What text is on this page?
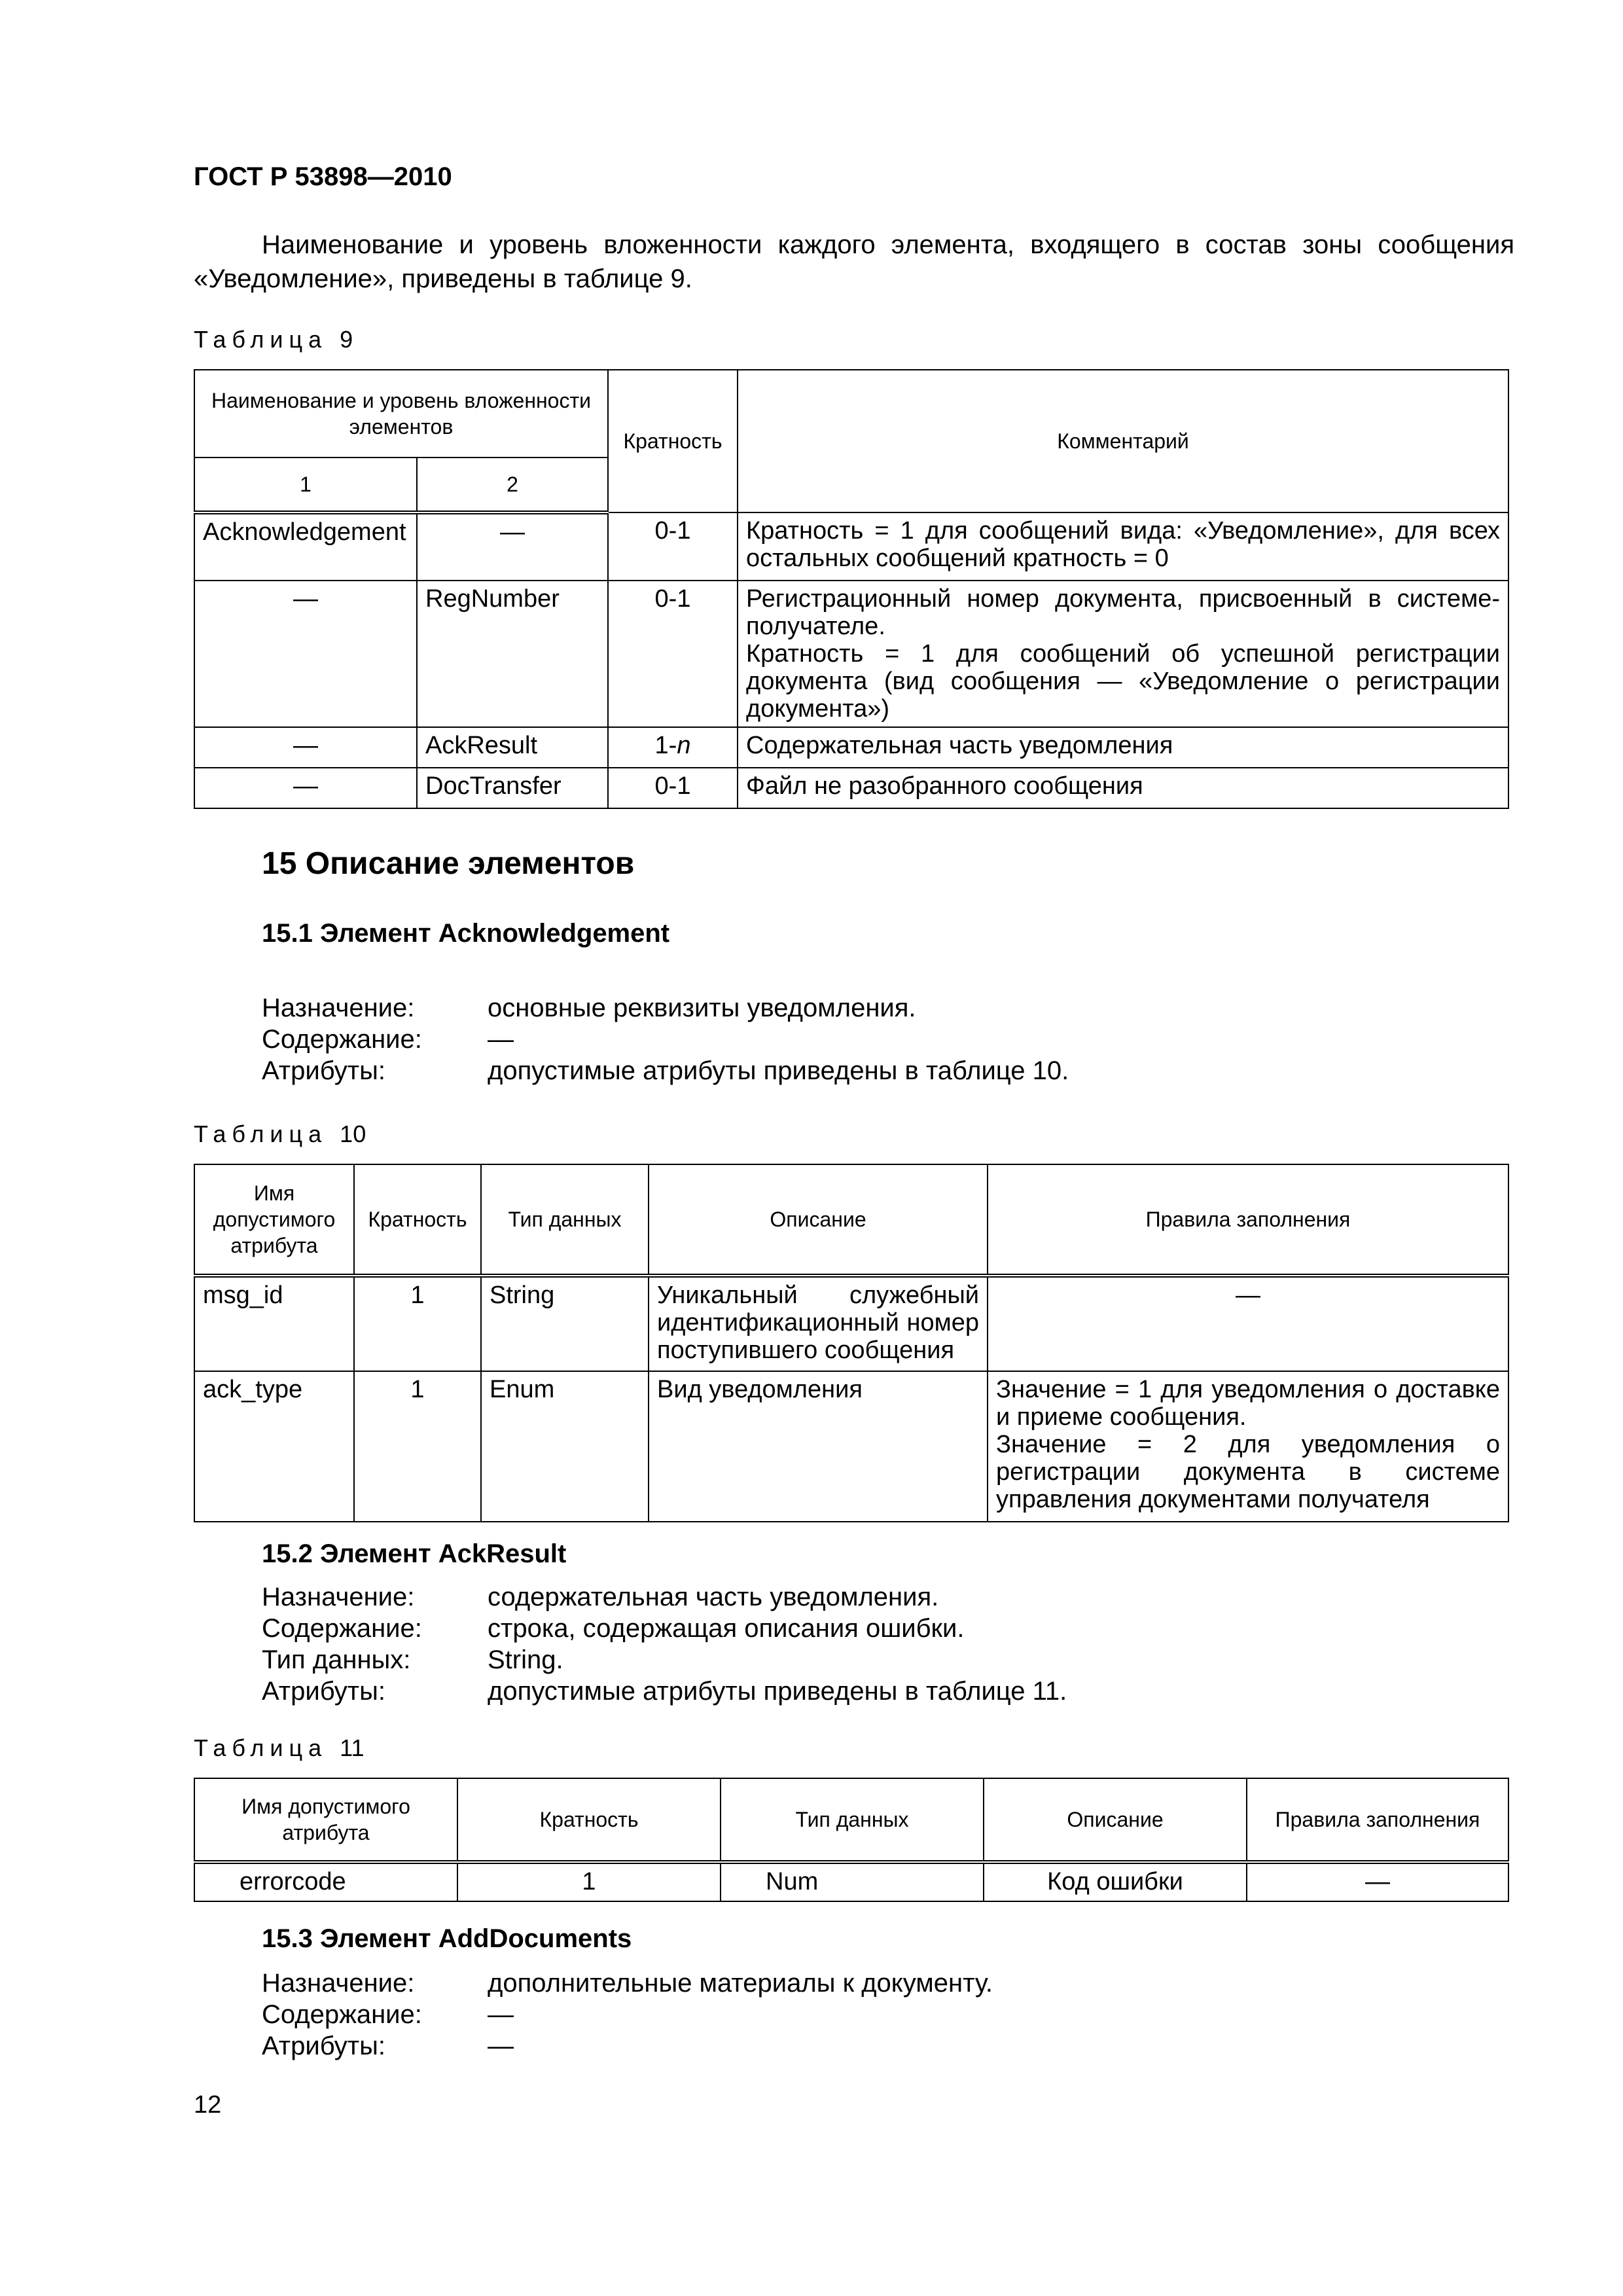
ГОСТ Р 53898—2010
Наименование и уровень вложенности каждого элемента, входящего в состав зоны сообщения «Уведомление», приведены в таблице 9.
Таблица 9
Наименование и уровень вложенности элементов		Кратность	Комментарий
1	2		
Acknowledgement	—	0-1	Кратность = 1 для сообщений вида: «Уведомление», для всех остальных сообщений кратность = 0
—	RegNumber	0-1	Регистрационный номер документа, присвоенный в системе-получателе.
Кратность = 1 для сообщений об успешной регистрации документа (вид сообщения — «Уведомление о регистрации документа»)

—	AckResult	1-n	Содержательная часть уведомления
—	DocTransfer	0-1	Файл не разобранного сообщения
15 Описание элементов
15.1 Элемент Acknowledgement
Назначение:	основные реквизиты уведомления.
Содержание:	—
Атрибуты:	допустимые атрибуты приведены в таблице 10.
Таблица 10
Имя допустимого атрибута	Кратность	Тип данных	Описание	Правила заполнения
msg_id	1	String	Уникальный служебный идентификационный номер поступившего сообщения	—
ack_type	1	Enum	Вид уведомления	Значение = 1 для уведомления о доставке и приеме сообщения.
Значение = 2 для уведомления о регистрации документа в системе управления документами получателя
15.2 Элемент AckResult
Назначение:	содержательная часть уведомления.
Содержание:	строка, содержащая описания ошибки.
Тип данных:	String.
Атрибуты:	допустимые атрибуты приведены в таблице 11.
Таблица 11
Имя допустимого атрибута	Кратность	Тип данных	Описание	Правила заполнения
errorcode	1	Num	Код ошибки	—
15.3 Элемент AddDocuments
Назначение:	дополнительные материалы к документу.
Содержание:	—
Атрибуты:	—
12
